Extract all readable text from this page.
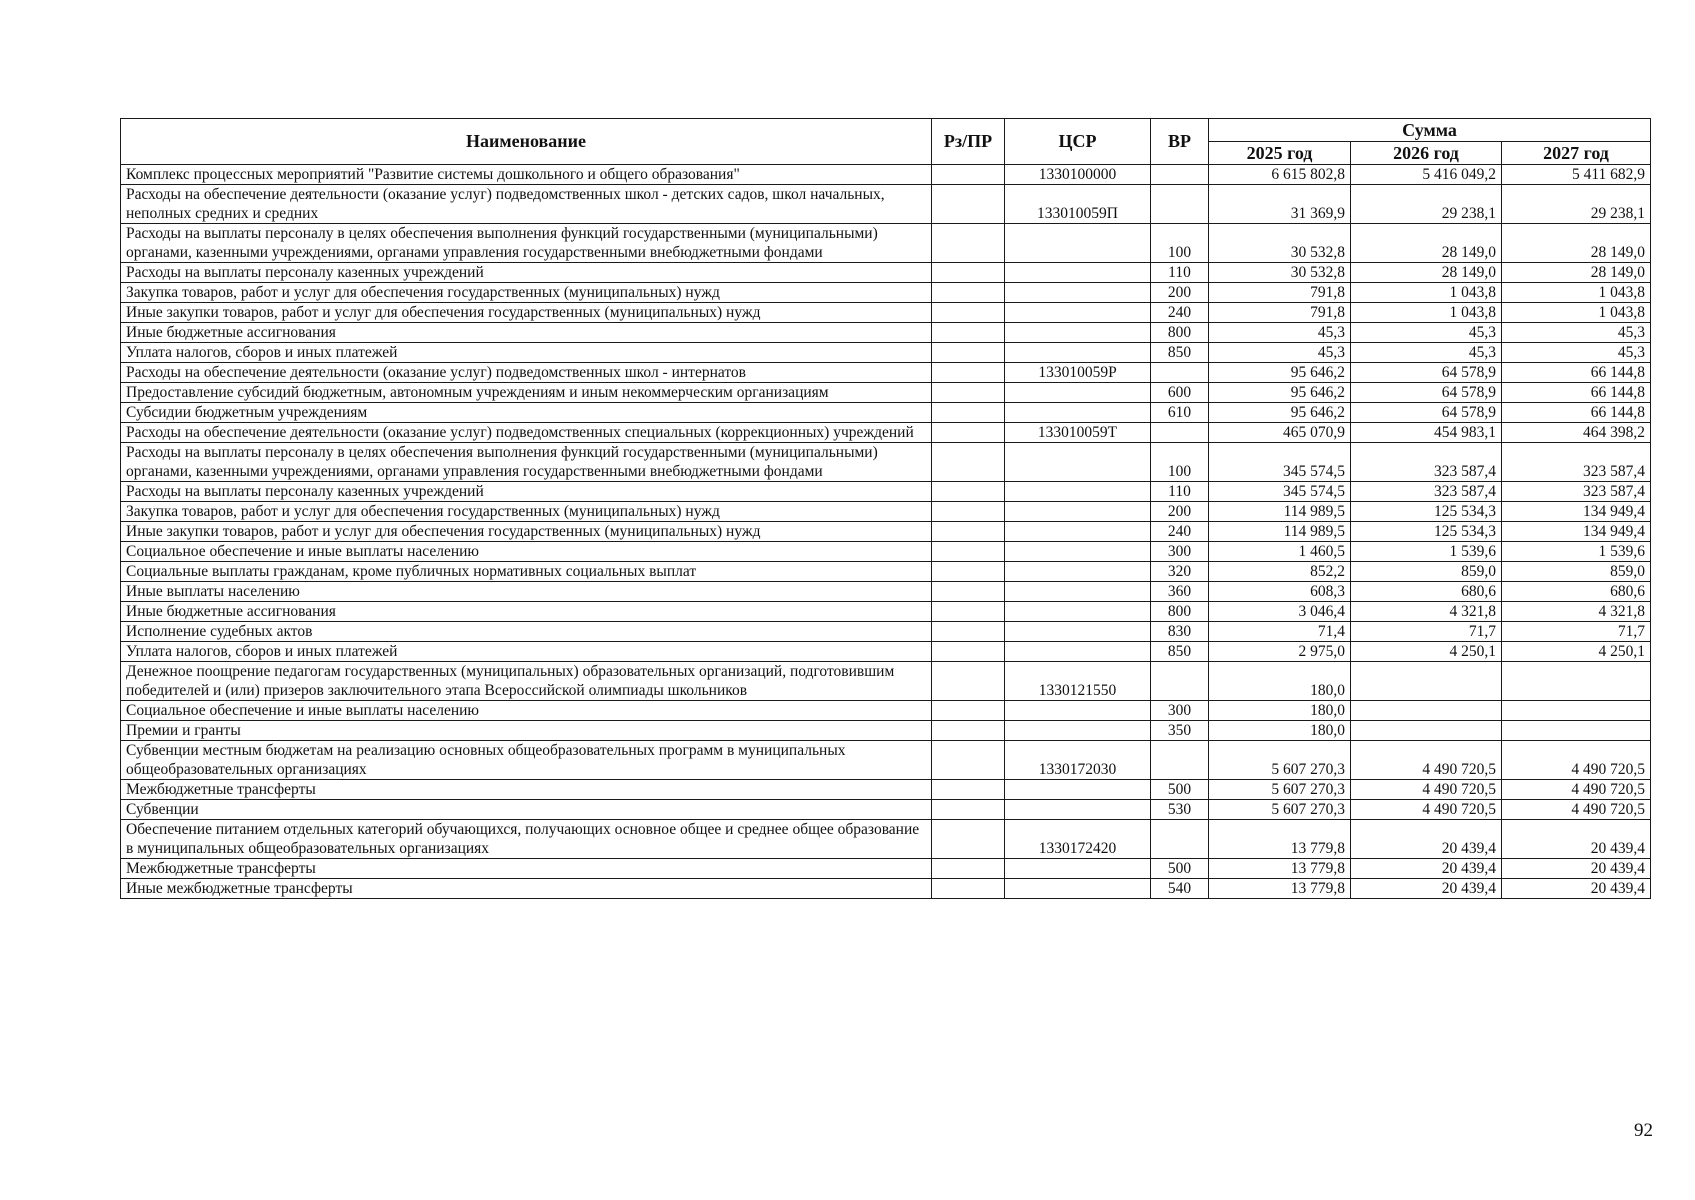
Наименование	Рз/ПР	ЦСР	ВР	Сумма		
				2025 год	2026 год	2027 год
Комплекс процессных мероприятий "Развитие системы дошкольного и общего образования"		1330100000		6 615 802,8	5 416 049,2	5 411 682,9
Расходы на обеспечение деятельности (оказание услуг) подведомственных школ - детских садов, школ начальных, неполных средних и средних		133010059П		31 369,9	29 238,1	29 238,1
Расходы на выплаты персоналу в целях обеспечения выполнения функций государственными (муниципальными) органами, казенными учреждениями, органами управления государственными внебюджетными фондами			100	30 532,8	28 149,0	28 149,0
Расходы на выплаты персоналу казенных учреждений			110	30 532,8	28 149,0	28 149,0
Закупка товаров, работ и услуг для обеспечения государственных (муниципальных) нужд			200	791,8	1 043,8	1 043,8
Иные закупки товаров, работ и услуг для обеспечения государственных (муниципальных) нужд			240	791,8	1 043,8	1 043,8
Иные бюджетные ассигнования			800	45,3	45,3	45,3
Уплата налогов, сборов и иных платежей			850	45,3	45,3	45,3
Расходы на обеспечение деятельности (оказание услуг) подведомственных школ - интернатов		133010059Р		95 646,2	64 578,9	66 144,8
Предоставление субсидий бюджетным, автономным учреждениям и иным некоммерческим организациям			600	95 646,2	64 578,9	66 144,8
Субсидии бюджетным учреждениям			610	95 646,2	64 578,9	66 144,8
Расходы на обеспечение деятельности (оказание услуг) подведомственных специальных (коррекционных) учреждений		133010059Т		465 070,9	454 983,1	464 398,2
Расходы на выплаты персоналу в целях обеспечения выполнения функций государственными (муниципальными) органами, казенными учреждениями, органами управления государственными внебюджетными фондами			100	345 574,5	323 587,4	323 587,4
Расходы на выплаты персоналу казенных учреждений			110	345 574,5	323 587,4	323 587,4
Закупка товаров, работ и услуг для обеспечения государственных (муниципальных) нужд			200	114 989,5	125 534,3	134 949,4
Иные закупки товаров, работ и услуг для обеспечения государственных (муниципальных) нужд			240	114 989,5	125 534,3	134 949,4
Социальное обеспечение и иные выплаты населению			300	1 460,5	1 539,6	1 539,6
Социальные выплаты гражданам, кроме публичных нормативных социальных выплат			320	852,2	859,0	859,0
Иные выплаты населению			360	608,3	680,6	680,6
Иные бюджетные ассигнования			800	3 046,4	4 321,8	4 321,8
Исполнение судебных актов			830	71,4	71,7	71,7
Уплата налогов, сборов и иных платежей			850	2 975,0	4 250,1	4 250,1
Денежное поощрение педагогам государственных (муниципальных) образовательных организаций, подготовившим победителей и (или) призеров заключительного этапа Всероссийской олимпиады школьников		1330121550		180,0		
Социальное обеспечение и иные выплаты населению			300	180,0		
Премии и гранты			350	180,0		
Субвенции местным бюджетам на реализацию основных общеобразовательных программ в муниципальных общеобразовательных организациях		1330172030		5 607 270,3	4 490 720,5	4 490 720,5
Межбюджетные трансферты			500	5 607 270,3	4 490 720,5	4 490 720,5
Субвенции			530	5 607 270,3	4 490 720,5	4 490 720,5
Обеспечение питанием отдельных категорий обучающихся, получающих основное общее и среднее общее образование в муниципальных общеобразовательных организациях		1330172420		13 779,8	20 439,4	20 439,4
Межбюджетные трансферты			500	13 779,8	20 439,4	20 439,4
Иные межбюджетные трансферты			540	13 779,8	20 439,4	20 439,4
92
